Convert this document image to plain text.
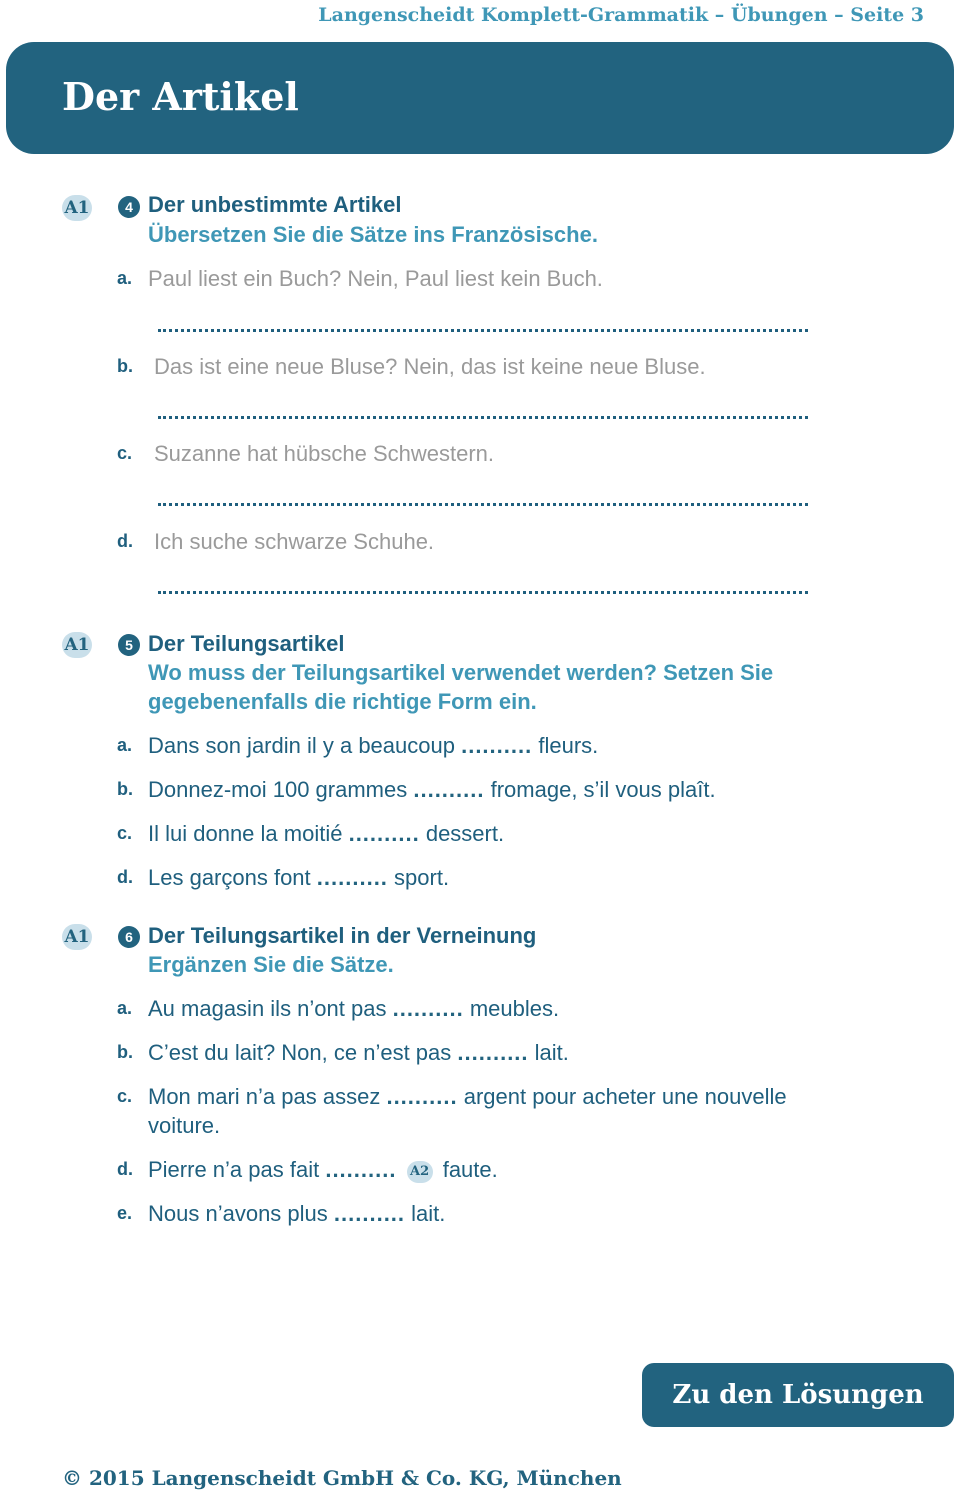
Langenscheidt Komplett-Grammatik – Übungen – Seite 3
Der Artikel
A1	4 Der unbestimmte Artikel
Übersetzen Sie die Sätze ins Französische.
a. Paul liest ein Buch? Nein, Paul liest kein Buch.
b. Das ist eine neue Bluse? Nein, das ist keine neue Bluse.
c. Suzanne hat hübsche Schwestern.
d. Ich suche schwarze Schuhe.
A1	5 Der Teilungsartikel
Wo muss der Teilungsartikel verwendet werden? Setzen Sie gegebenenfalls die richtige Form ein.
a. Dans son jardin il y a beaucoup .......... fleurs.
b. Donnez-moi 100 grammes .......... fromage, s’il vous plaît.
c. Il lui donne la moitié .......... dessert.
d. Les garçons font .......... sport.
A1	6 Der Teilungsartikel in der Verneinung
Ergänzen Sie die Sätze.
a. Au magasin ils n’ont pas .......... meubles.
b. C’est du lait? Non, ce n’est pas .......... lait.
c. Mon mari n’a pas assez .......... argent pour acheter une nouvelle voiture.
d. Pierre n’a pas fait .......... A2 faute.
e. Nous n’avons plus .......... lait.
Zu den Lösungen
© 2015 Langenscheidt GmbH & Co. KG, München
